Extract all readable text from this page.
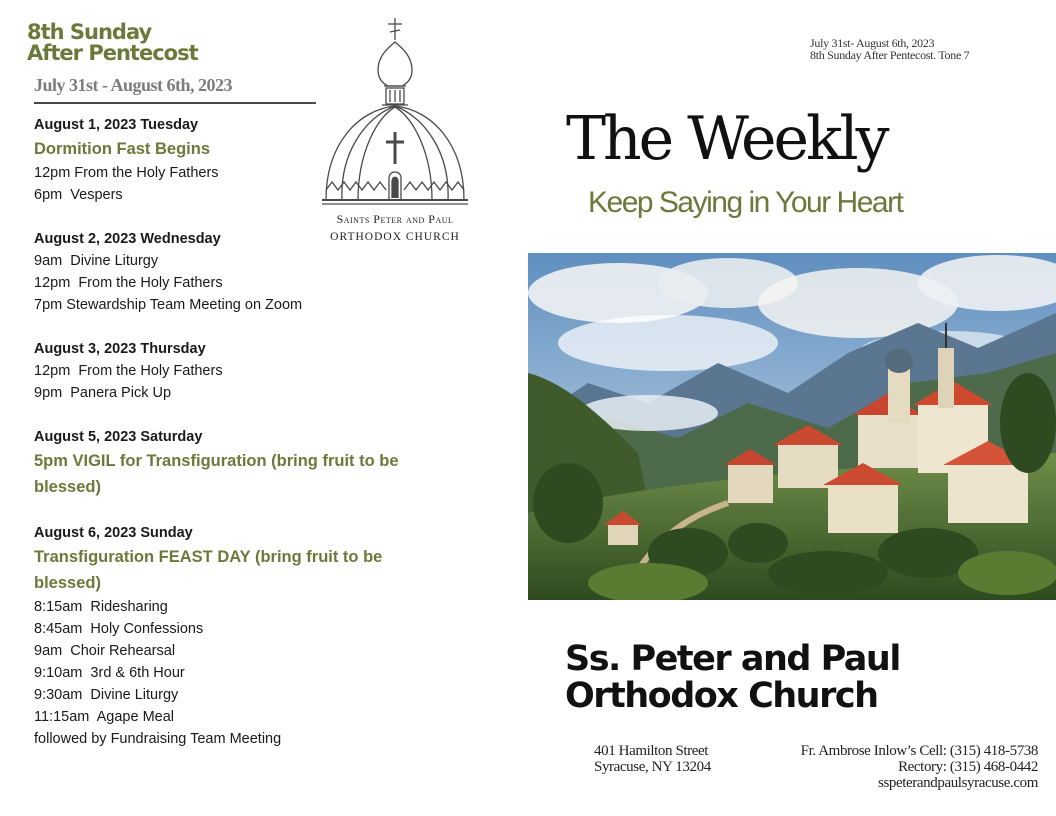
8th Sunday
After Pentecost
July 31st - August 6th, 2023
August 1, 2023 Tuesday
Dormition Fast Begins
12pm From the Holy Fathers
6pm  Vespers
August 2, 2023 Wednesday
9am  Divine Liturgy
12pm  From the Holy Fathers
7pm Stewardship Team Meeting on Zoom
August 3, 2023 Thursday
12pm  From the Holy Fathers
9pm  Panera Pick Up
August 5, 2023 Saturday
5pm VIGIL for Transfiguration (bring fruit to be
blessed)
August 6, 2023 Sunday
Transfiguration FEAST DAY (bring fruit to be
blessed)
8:15am  Ridesharing
8:45am  Holy Confessions
9am  Choir Rehearsal
9:10am  3rd & 6th Hour
9:30am  Divine Liturgy
11:15am  Agape Meal
followed by Fundraising Team Meeting
Saints Peter and Paul
ORTHODOX CHURCH
July 31st- August 6th, 2023
8th Sunday After Pentecost. Tone 7
The Weekly
Keep Saying in Your Heart
Ss. Peter and Paul
Orthodox Church
401 Hamilton Street
Syracuse, NY 13204
Fr. Ambrose Inlow’s Cell: (315) 418-5738
Rectory: (315) 468-0442
sspeterandpaulsyracuse.com
